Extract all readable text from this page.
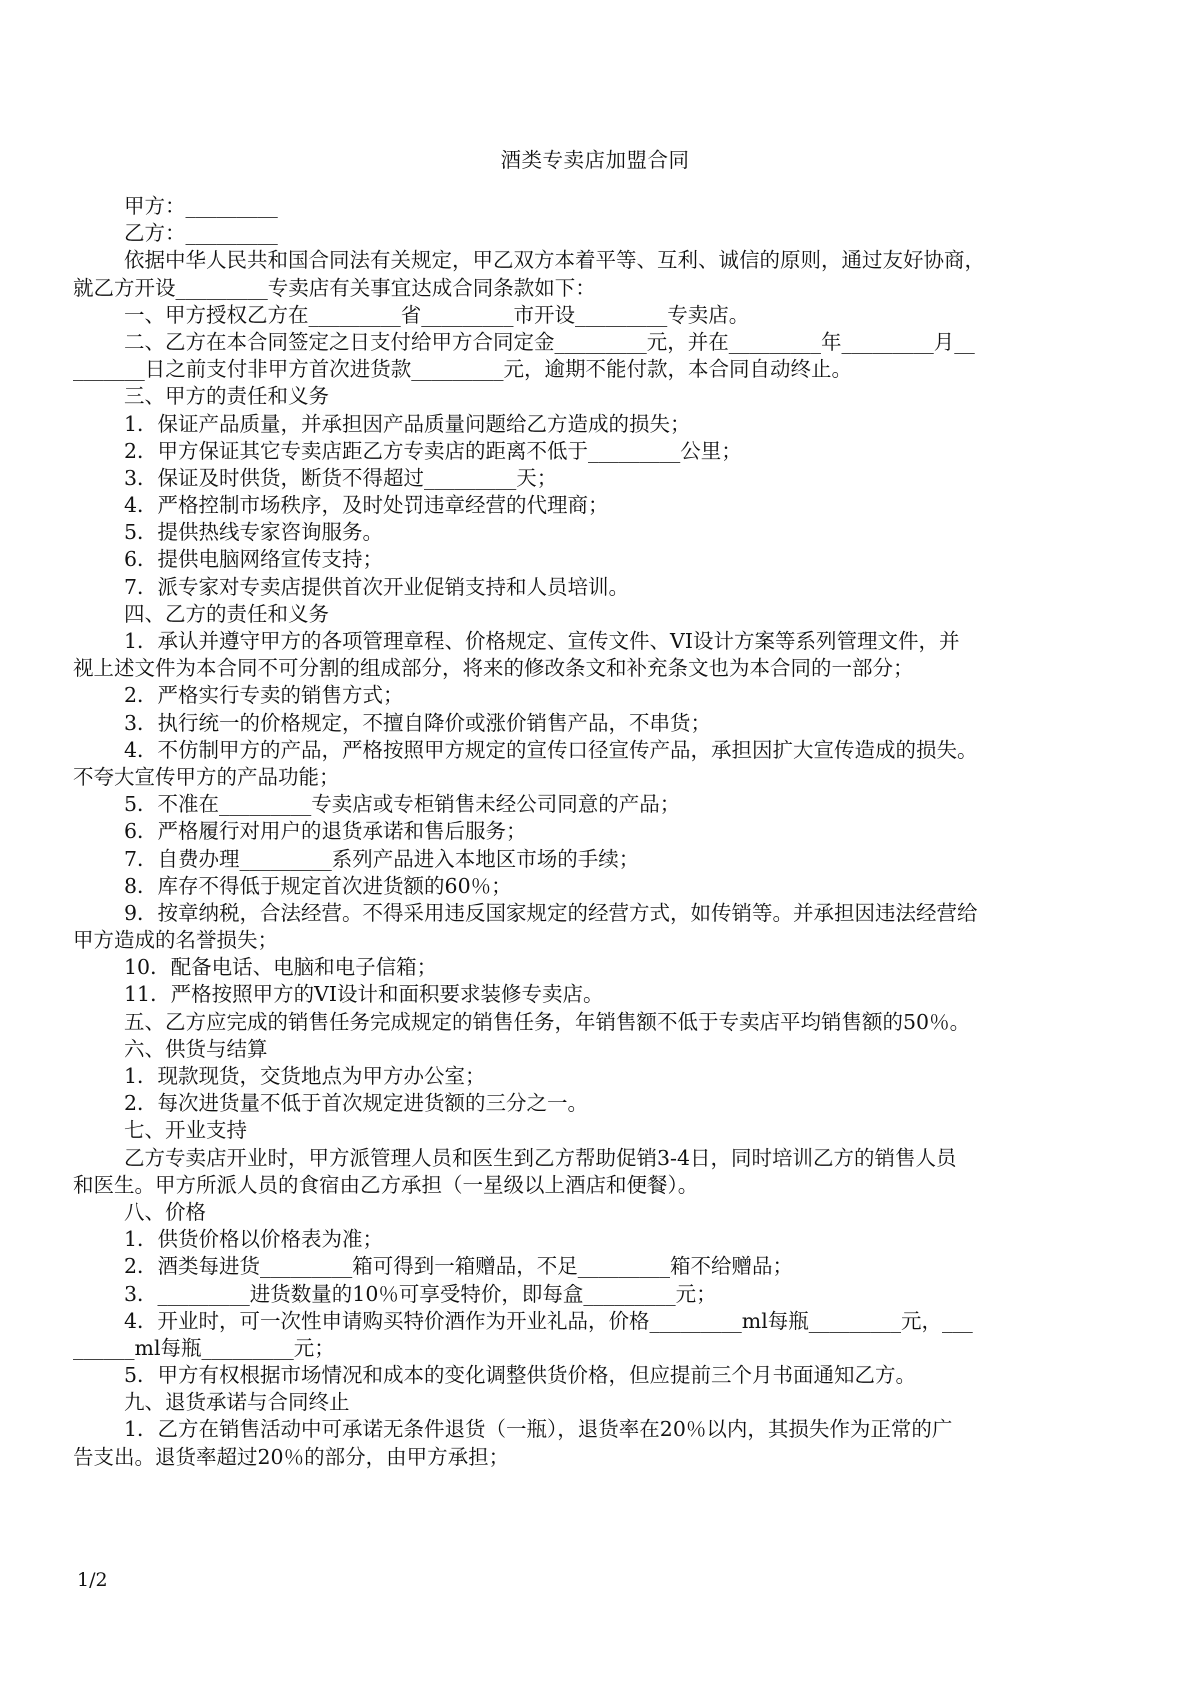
酒类专卖店加盟合同
甲方：_________
乙方：_________
依据中华人民共和国合同法有关规定，甲乙双方本着平等、互利、诚信的原则，通过友好协商，
就乙方开设_________专卖店有关事宜达成合同条款如下：
一、甲方授权乙方在_________省_________市开设_________专卖店。
二、乙方在本合同签定之日支付给甲方合同定金_________元，并在_________年_________月__
_______日之前支付非甲方首次进货款_________元，逾期不能付款，本合同自动终止。
三、甲方的责任和义务
1．保证产品质量，并承担因产品质量问题给乙方造成的损失；
2．甲方保证其它专卖店距乙方专卖店的距离不低于_________公里；
3．保证及时供货，断货不得超过_________天；
4．严格控制市场秩序，及时处罚违章经营的代理商；
5．提供热线专家咨询服务。
6．提供电脑网络宣传支持；
7．派专家对专卖店提供首次开业促销支持和人员培训。
四、乙方的责任和义务
1．承认并遵守甲方的各项管理章程、价格规定、宣传文件、VI设计方案等系列管理文件，并
视上述文件为本合同不可分割的组成部分，将来的修改条文和补充条文也为本合同的一部分；
2．严格实行专卖的销售方式；
3．执行统一的价格规定，不擅自降价或涨价销售产品，不串货；
4．不仿制甲方的产品，严格按照甲方规定的宣传口径宣传产品，承担因扩大宣传造成的损失。
不夸大宣传甲方的产品功能；
5．不准在_________专卖店或专柜销售未经公司同意的产品；
6．严格履行对用户的退货承诺和售后服务；
7．自费办理_________系列产品进入本地区市场的手续；
8．库存不得低于规定首次进货额的60％；
9．按章纳税，合法经营。不得采用违反国家规定的经营方式，如传销等。并承担因违法经营给
甲方造成的名誉损失；
10．配备电话、电脑和电子信箱；
11．严格按照甲方的VI设计和面积要求装修专卖店。
五、乙方应完成的销售任务完成规定的销售任务，年销售额不低于专卖店平均销售额的50％。
六、供货与结算
1．现款现货，交货地点为甲方办公室；
2．每次进货量不低于首次规定进货额的三分之一。
七、开业支持
乙方专卖店开业时，甲方派管理人员和医生到乙方帮助促销3-4日，同时培训乙方的销售人员
和医生。甲方所派人员的食宿由乙方承担（一星级以上酒店和便餐）。
八、价格
1．供货价格以价格表为准；
2．酒类每进货_________箱可得到一箱赠品，不足_________箱不给赠品；
3．_________进货数量的10％可享受特价，即每盒_________元；
4．开业时，可一次性申请购买特价酒作为开业礼品，价格_________ml每瓶_________元，___
______ml每瓶_________元；
5．甲方有权根据市场情况和成本的变化调整供货价格，但应提前三个月书面通知乙方。
九、退货承诺与合同终止
1．乙方在销售活动中可承诺无条件退货（一瓶），退货率在20％以内，其损失作为正常的广
告支出。退货率超过20％的部分，由甲方承担；
1/2
